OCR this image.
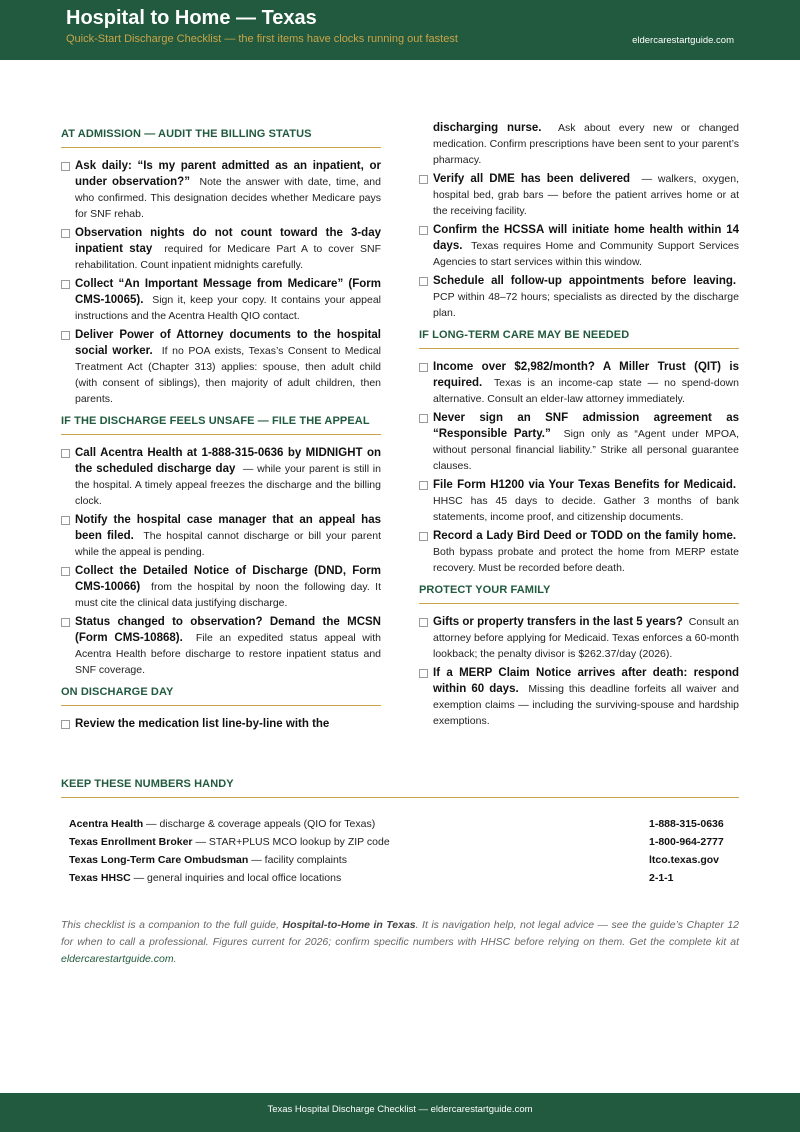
Hospital to Home — Texas
Quick-Start Discharge Checklist — the first items have clocks running out fastest	eldercarestartguide.com
AT ADMISSION — AUDIT THE BILLING STATUS
Ask daily: “Is my parent admitted as an inpatient, or under observation?” Note the answer with date, time, and who confirmed. This designation decides whether Medicare pays for SNF rehab.
Observation nights do not count toward the 3-day inpatient stay required for Medicare Part A to cover SNF rehabilitation. Count inpatient midnights carefully.
Collect “An Important Message from Medicare” (Form CMS-10065). Sign it, keep your copy. It contains your appeal instructions and the Acentra Health QIO contact.
Deliver Power of Attorney documents to the hospital social worker. If no POA exists, Texas’s Consent to Medical Treatment Act (Chapter 313) applies: spouse, then adult child (with consent of siblings), then majority of adult children, then parents.
IF THE DISCHARGE FEELS UNSAFE — FILE THE APPEAL
Call Acentra Health at 1-888-315-0636 by MIDNIGHT on the scheduled discharge day — while your parent is still in the hospital. A timely appeal freezes the discharge and the billing clock.
Notify the hospital case manager that an appeal has been filed. The hospital cannot discharge or bill your parent while the appeal is pending.
Collect the Detailed Notice of Discharge (DND, Form CMS-10066) from the hospital by noon the following day. It must cite the clinical data justifying discharge.
Status changed to observation? Demand the MCSN (Form CMS-10868). File an expedited status appeal with Acentra Health before discharge to restore inpatient status and SNF coverage.
ON DISCHARGE DAY
Review the medication list line-by-line with the
discharging nurse. Ask about every new or changed medication. Confirm prescriptions have been sent to your parent’s pharmacy.
Verify all DME has been delivered — walkers, oxygen, hospital bed, grab bars — before the patient arrives home or at the receiving facility.
Confirm the HCSSA will initiate home health within 14 days. Texas requires Home and Community Support Services Agencies to start services within this window.
Schedule all follow-up appointments before leaving.  PCP within 48–72 hours; specialists as directed by the discharge plan.
IF LONG-TERM CARE MAY BE NEEDED
Income over $2,982/month? A Miller Trust (QIT) is required. Texas is an income-cap state — no spend-down alternative. Consult an elder-law attorney immediately.
Never sign an SNF admission agreement as “Responsible Party.” Sign only as “Agent under MPOA, without personal financial liability.” Strike all personal guarantee clauses.
File Form H1200 via Your Texas Benefits for Medicaid.  HHSC has 45 days to decide. Gather 3 months of bank statements, income proof, and citizenship documents.
Record a Lady Bird Deed or TODD on the family home.  Both bypass probate and protect the home from MERP estate recovery. Must be recorded before death.
PROTECT YOUR FAMILY
Gifts or property transfers in the last 5 years? Consult an attorney before applying for Medicaid. Texas enforces a 60-month lookback; the penalty divisor is $262.37/day (2026).
If a MERP Claim Notice arrives after death: respond within 60 days. Missing this deadline forfeits all waiver and exemption claims — including the surviving-spouse and hardship exemptions.
KEEP THESE NUMBERS HANDY
Acentra Health — discharge & coverage appeals (QIO for Texas)	1-888-315-0636
Texas Enrollment Broker — STAR+PLUS MCO lookup by ZIP code	1-800-964-2777
Texas Long-Term Care Ombudsman — facility complaints	ltco.texas.gov
Texas HHSC — general inquiries and local office locations	2-1-1
This checklist is a companion to the full guide, Hospital-to-Home in Texas. It is navigation help, not legal advice — see the guide’s Chapter 12 for when to call a professional. Figures current for 2026; confirm specific numbers with HHSC before relying on them. Get the complete kit at eldercarestartguide.com.
Texas Hospital Discharge Checklist — eldercarestartguide.com
